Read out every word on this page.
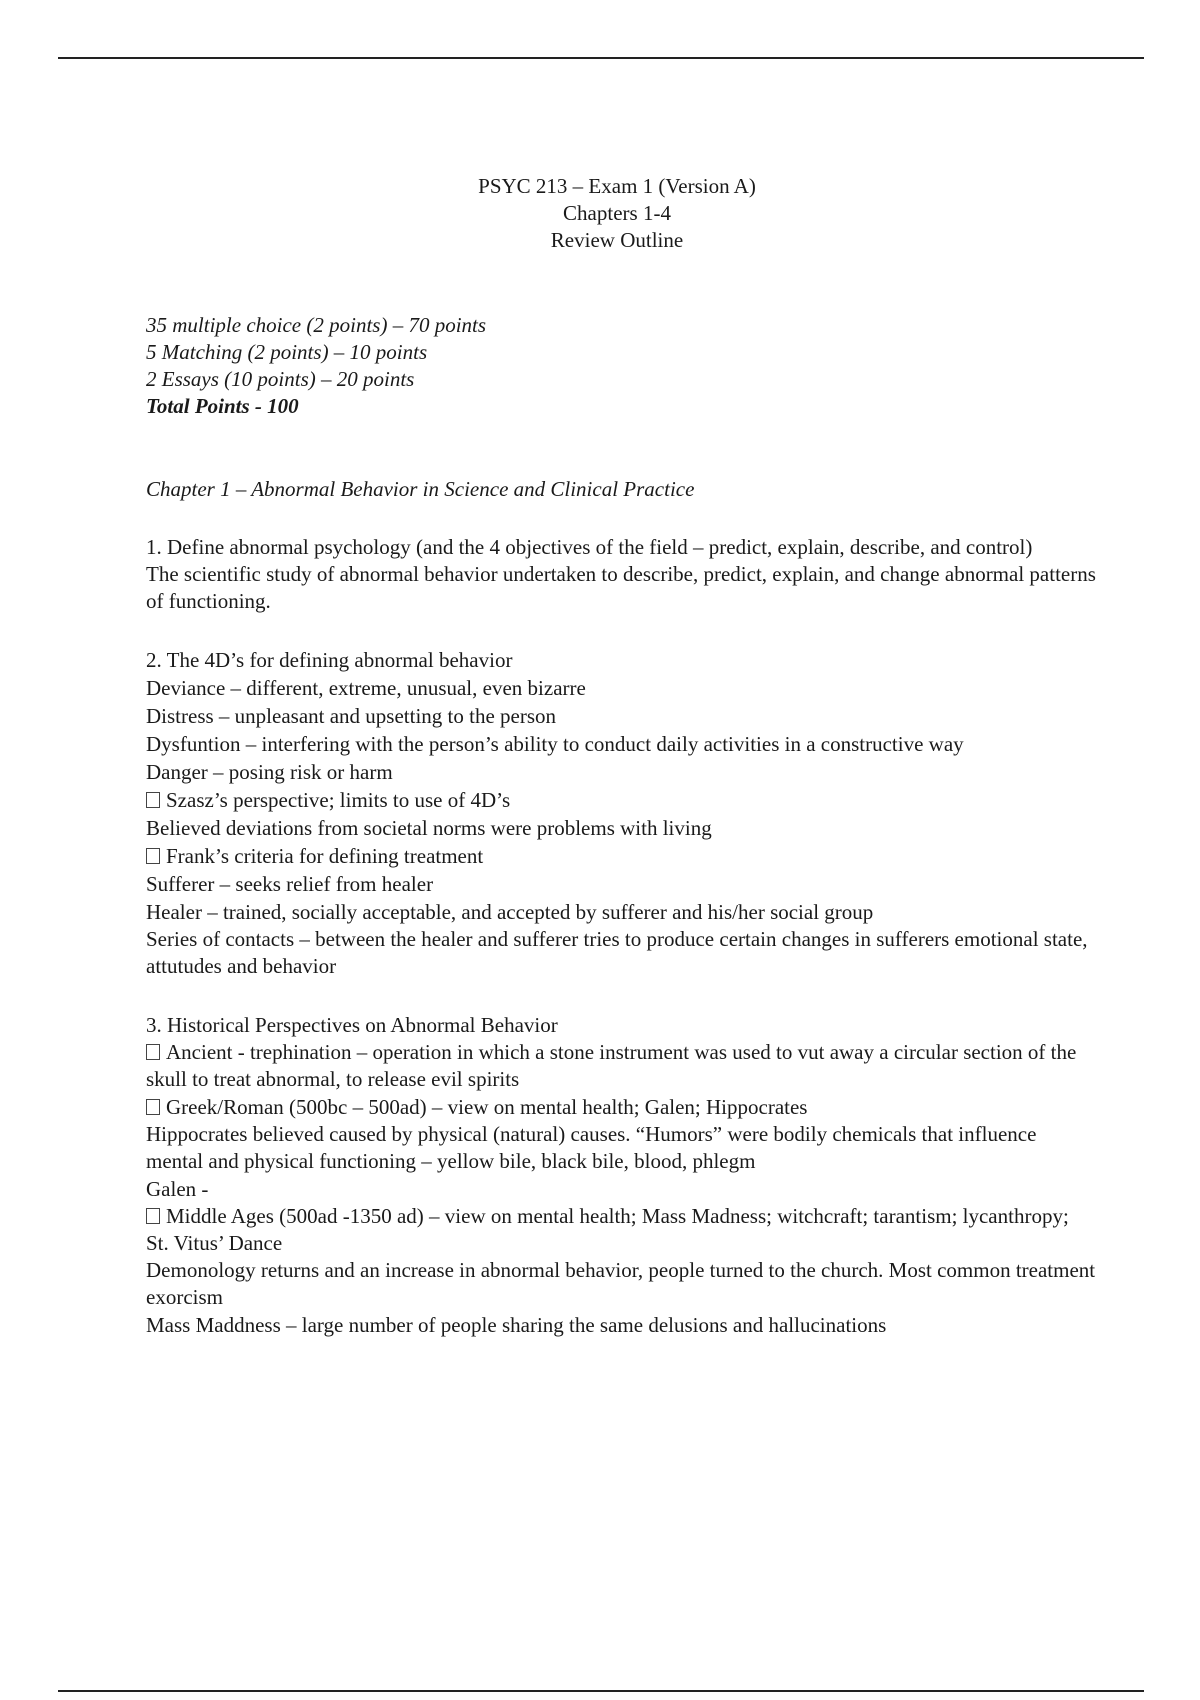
PSYC 213 – Exam 1 (Version A)
Chapters 1-4
Review Outline
35 multiple choice (2 points) – 70 points
5 Matching (2 points) – 10 points
2 Essays (10 points) – 20 points
Total Points - 100
Chapter 1 – Abnormal Behavior in Science and Clinical Practice
1. Define abnormal psychology (and the 4 objectives of the field – predict, explain, describe, and control)
The scientific study of abnormal behavior undertaken to describe, predict, explain, and change abnormal patterns of functioning.
2. The 4D’s for defining abnormal behavior
Deviance – different, extreme, unusual, even bizarre
Distress – unpleasant and upsetting to the person
Dysfuntion – interfering with the person’s ability to conduct daily activities in a constructive way
Danger – posing risk or harm
Szasz’s perspective; limits to use of 4D’s
Believed deviations from societal norms were problems with living
Frank’s criteria for defining treatment
Sufferer – seeks relief from healer
Healer – trained, socially acceptable, and accepted by sufferer and his/her social group
Series of contacts – between the healer and sufferer tries to produce certain changes in sufferers emotional state, attutudes and behavior
3. Historical Perspectives on Abnormal Behavior
Ancient - trephination – operation in which a stone instrument was used to vut away a circular section of the skull to treat abnormal, to release evil spirits
Greek/Roman (500bc – 500ad) – view on mental health; Galen; Hippocrates
Hippocrates believed caused by physical (natural) causes. “Humors” were bodily chemicals that influence mental and physical functioning – yellow bile, black bile, blood, phlegm
Galen -
Middle Ages (500ad -1350 ad) – view on mental health; Mass Madness; witchcraft; tarantism; lycanthropy; St. Vitus’ Dance
Demonology returns and an increase in abnormal behavior, people turned to the church. Most common treatment exorcism
Mass Maddness – large number of people sharing the same delusions and hallucinations
